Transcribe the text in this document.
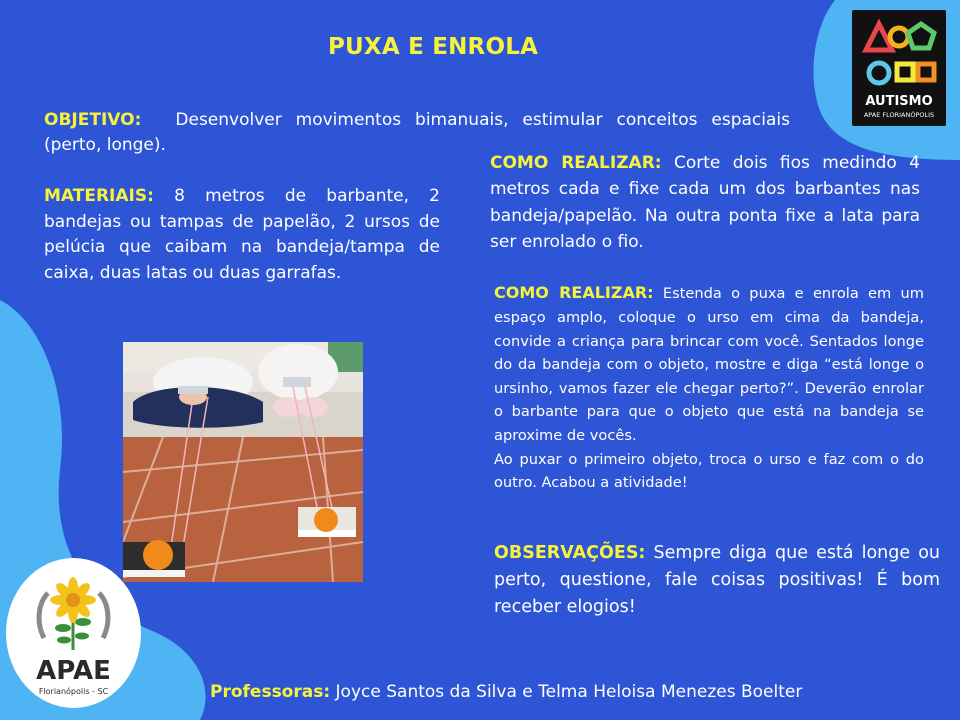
PUXA E ENROLA

OBJETIVO: Desenvolver movimentos bimanuais, estimular conceitos espaciais (perto, longe).

MATERIAIS: 8 metros de barbante, 2 bandejas ou tampas de papelão, 2 ursos de pelúcia que caibam na bandeja/tampa de caixa, duas latas ou duas garrafas.

COMO REALIZAR: Corte dois fios medindo 4 metros cada e fixe cada um dos barbantes nas bandeja/papelão. Na outra ponta fixe a lata para ser enrolado o fio.

COMO REALIZAR: Estenda o puxa e enrola em um espaço amplo, coloque o urso em cima da bandeja, convide a criança para brincar com você. Sentados longe do da bandeja com o objeto, mostre e diga “está longe o ursinho, vamos fazer ele chegar perto?”. Deverão enrolar o barbante para que o objeto que está na bandeja se aproxime de vocês.

Ao puxar o primeiro objeto, troca o urso e faz com o do outro. Acabou a atividade!

OBSERVAÇÕES: Sempre diga que está longe ou perto, questione, fale coisas positivas! É bom receber elogios!

Professoras: Joyce Santos da Silva e Telma Heloisa Menezes Boelter

AUTISMO
APAE FLORIANÓPOLIS
APAE
Florianópolis - SC
